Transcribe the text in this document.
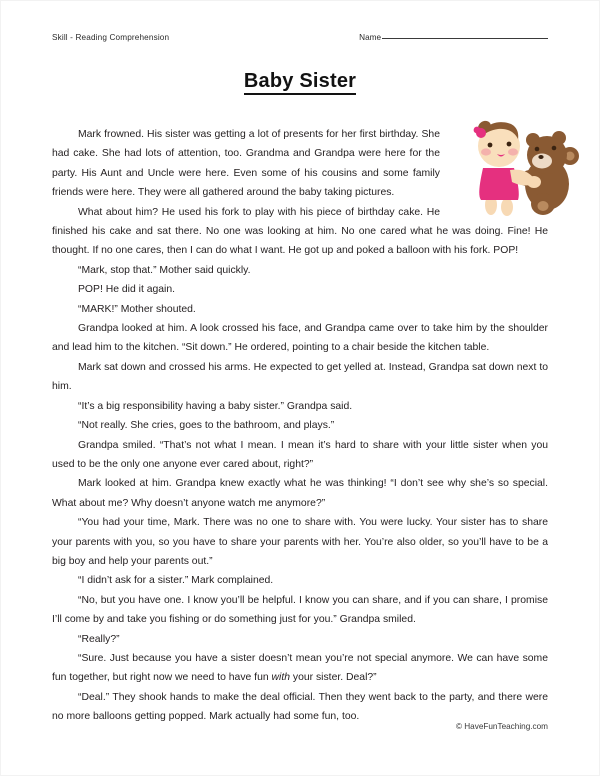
Skill - Reading Comprehension	Name
Baby Sister

Mark frowned. His sister was getting a lot of presents for her first birthday. She had cake. She had lots of attention, too. Grandma and Grandpa were here for the party. His Aunt and Uncle were here. Even some of his cousins and some family friends were here. They were all gathered around the baby taking pictures.

What about him? He used his fork to play with his piece of birthday cake. He finished his cake and sat there. No one was looking at him. No one cared what he was doing. Fine! He thought. If no one cares, then I can do what I want. He got up and poked a balloon with his fork. POP!

“Mark, stop that.” Mother said quickly.

POP! He did it again.

“MARK!” Mother shouted.

Grandpa looked at him. A look crossed his face, and Grandpa came over to take him by the shoulder and lead him to the kitchen. “Sit down.” He ordered, pointing to a chair beside the kitchen table.

Mark sat down and crossed his arms. He expected to get yelled at. Instead, Grandpa sat down next to him.

“It’s a big responsibility having a baby sister.” Grandpa said.

“Not really. She cries, goes to the bathroom, and plays.”

Grandpa smiled. “That’s not what I mean. I mean it’s hard to share with your little sister when you used to be the only one anyone ever cared about, right?”

Mark looked at him. Grandpa knew exactly what he was thinking! “I don’t see why she’s so special. What about me? Why doesn’t anyone watch me anymore?”

“You had your time, Mark. There was no one to share with. You were lucky. Your sister has to share your parents with you, so you have to share your parents with her. You’re also older, so you’ll have to be a big boy and help your parents out.”

“I didn’t ask for a sister.” Mark complained.

“No, but you have one. I know you’ll be helpful. I know you can share, and if you can share, I promise I’ll come by and take you fishing or do something just for you.” Grandpa smiled.

“Really?”

“Sure. Just because you have a sister doesn’t mean you’re not special anymore. We can have some fun together, but right now we need to have fun with your sister. Deal?”

“Deal.” They shook hands to make the deal official. Then they went back to the party, and there were no more balloons getting popped. Mark actually had some fun, too.

© HaveFunTeaching.com
